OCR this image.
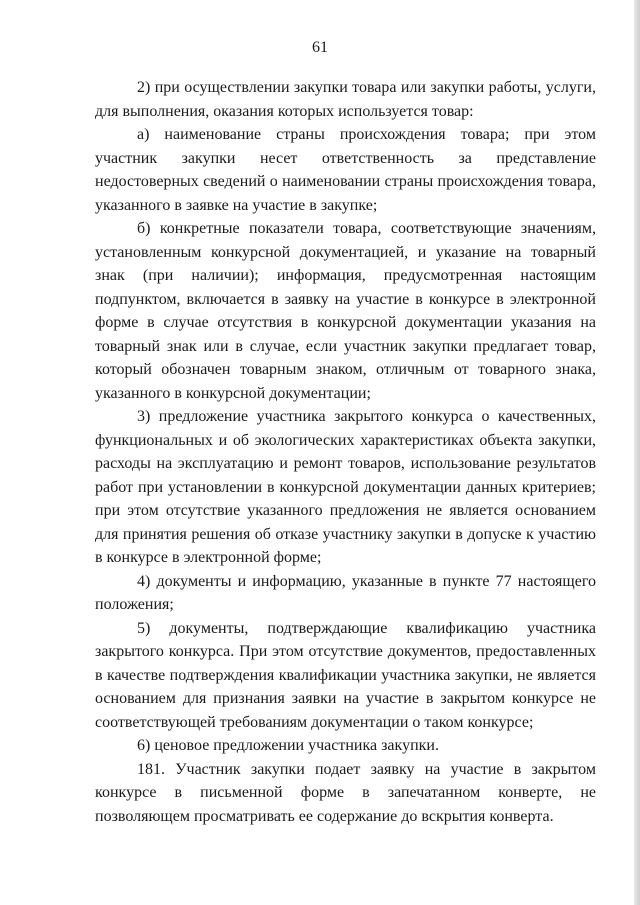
61

2) при осуществлении закупки товара или закупки работы, услуги, для выполнения, оказания которых используется товар:

а) наименование страны происхождения товара; при этом участник закупки несет ответственность за представление недостоверных сведений о наименовании страны происхождения товара, указанного в заявке на участие в закупке;

б) конкретные показатели товара, соответствующие значениям, установленным конкурсной документацией, и указание на товарный знак (при наличии); информация, предусмотренная настоящим подпунктом, включается в заявку на участие в конкурсе в электронной форме в случае отсутствия в конкурсной документации указания на товарный знак или в случае, если участник закупки предлагает товар, который обозначен товарным знаком, отличным от товарного знака, указанного в конкурсной документации;

3) предложение участника закрытого конкурса о качественных, функциональных и об экологических характеристиках объекта закупки, расходы на эксплуатацию и ремонт товаров, использование результатов работ при установлении в конкурсной документации данных критериев; при этом отсутствие указанного предложения не является основанием для принятия решения об отказе участнику закупки в допуске к участию в конкурсе в электронной форме;

4) документы и информацию, указанные в пункте 77 настоящего положения;

5) документы, подтверждающие квалификацию участника закрытого конкурса. При этом отсутствие документов, предоставленных в качестве подтверждения квалификации участника закупки, не является основанием для признания заявки на участие в закрытом конкурсе не соответствующей требованиям документации о таком конкурсе;

6) ценовое предложении участника закупки.

181. Участник закупки подает заявку на участие в закрытом конкурсе в письменной форме в запечатанном конверте, не позволяющем просматривать ее содержание до вскрытия конверта.
